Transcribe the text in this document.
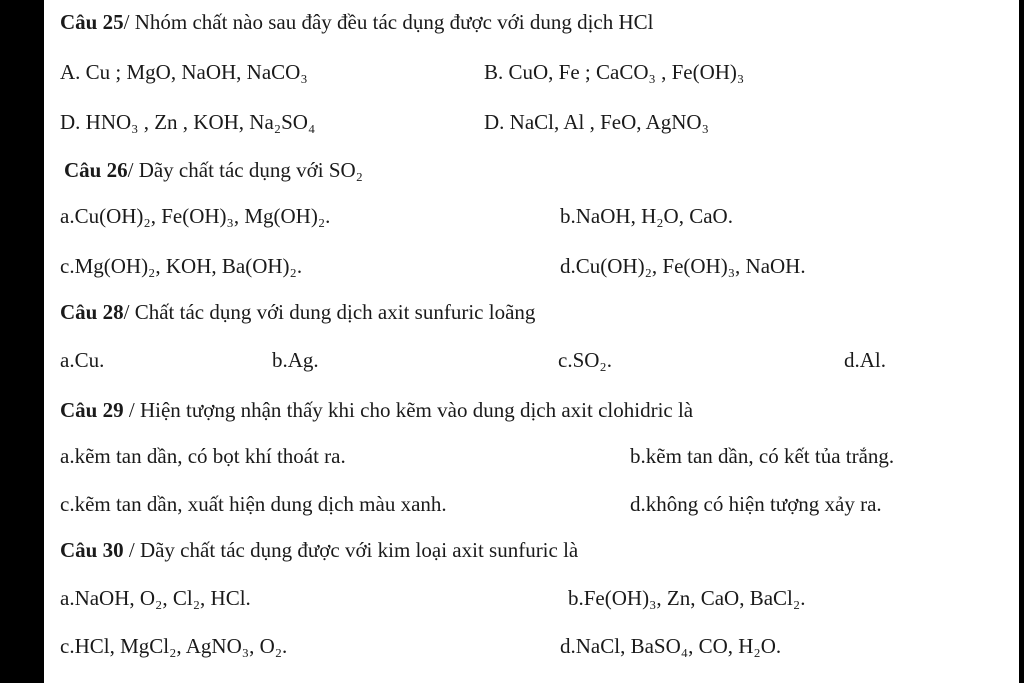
Câu 25/ Nhóm chất nào sau đây đều tác dụng được với dung dịch HCl
A. Cu ; MgO, NaOH, NaCO₃	B. CuO, Fe ; CaCO₃ , Fe(OH)₃
D. HNO₃ , Zn , KOH, Na₂SO₄	D. NaCl, Al , FeO, AgNO₃
Câu 26/ Dãy chất tác dụng với SO₂
a.Cu(OH)₂, Fe(OH)₃, Mg(OH)₂.	b.NaOH, H₂O, CaO.
c.Mg(OH)₂, KOH, Ba(OH)₂.	d.Cu(OH)₂, Fe(OH)₃, NaOH.
Câu 28/ Chất tác dụng với dung dịch axit sunfuric loãng
a.Cu.	b.Ag.	c.SO₂.	d.Al.
Câu 29 / Hiện tượng nhận thấy khi cho kẽm vào dung dịch axit clohidric là
a.kẽm tan dần, có bọt khí thoát ra.	b.kẽm tan dần, có kết tủa trắng.
c.kẽm tan dần, xuất hiện dung dịch màu xanh.	d.không có hiện tượng xảy ra.
Câu 30 / Dãy chất tác dụng được với kim loại axit sunfuric là
a.NaOH, O₂, Cl₂, HCl.	b.Fe(OH)₃, Zn, CaO, BaCl₂.
c.HCl, MgCl₂, AgNO₃, O₂.	d.NaCl, BaSO₄, CO, H₂O.
